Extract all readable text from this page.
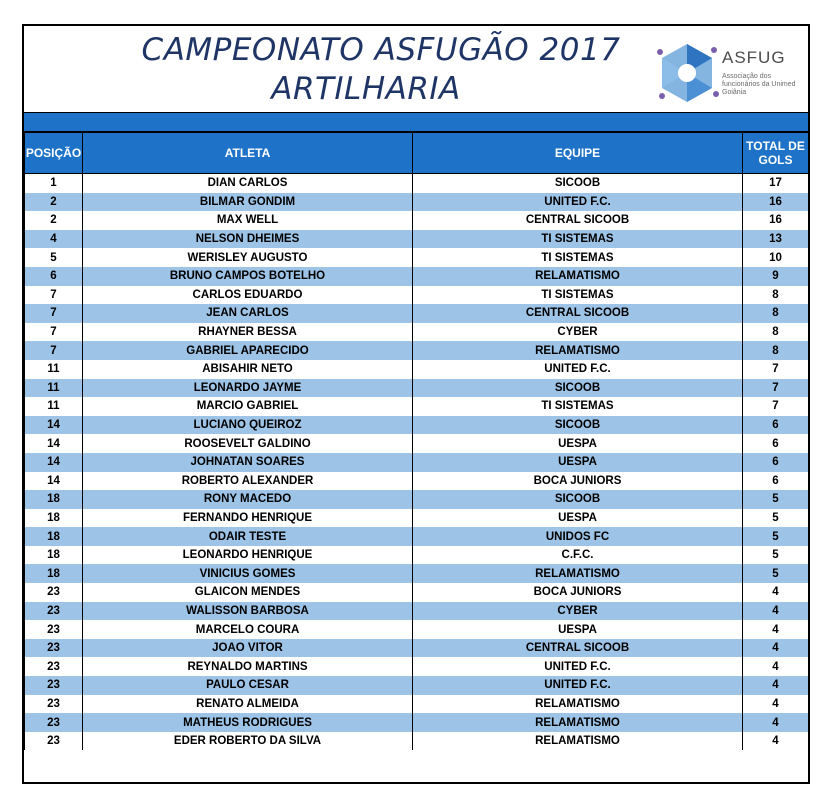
CAMPEONATO ASFUGÃO 2017
ARTILHARIA
ASFUG
Associação dos funcionários da Unimed Goiânia
POSIÇÃO	ATLETA	EQUIPE	TOTAL DE GOLS
1	DIAN CARLOS	SICOOB	17
2	BILMAR GONDIM	UNITED F.C.	16
2	MAX WELL	CENTRAL SICOOB	16
4	NELSON DHEIMES	TI SISTEMAS	13
5	WERISLEY AUGUSTO	TI SISTEMAS	10
6	BRUNO CAMPOS BOTELHO	RELAMATISMO	9
7	CARLOS EDUARDO	TI SISTEMAS	8
7	JEAN CARLOS	CENTRAL SICOOB	8
7	RHAYNER BESSA	CYBER	8
7	GABRIEL APARECIDO	RELAMATISMO	8
11	ABISAHIR NETO	UNITED F.C.	7
11	LEONARDO JAYME	SICOOB	7
11	MARCIO GABRIEL	TI SISTEMAS	7
14	LUCIANO QUEIROZ	SICOOB	6
14	ROOSEVELT GALDINO	UESPA	6
14	JOHNATAN SOARES	UESPA	6
14	ROBERTO ALEXANDER	BOCA JUNIORS	6
18	RONY MACEDO	SICOOB	5
18	FERNANDO HENRIQUE	UESPA	5
18	ODAIR TESTE	UNIDOS FC	5
18	LEONARDO HENRIQUE	C.F.C.	5
18	VINICIUS GOMES	RELAMATISMO	5
23	GLAICON MENDES	BOCA JUNIORS	4
23	WALISSON BARBOSA	CYBER	4
23	MARCELO COURA	UESPA	4
23	JOAO VITOR	CENTRAL SICOOB	4
23	REYNALDO MARTINS	UNITED F.C.	4
23	PAULO CESAR	UNITED F.C.	4
23	RENATO ALMEIDA	RELAMATISMO	4
23	MATHEUS RODRIGUES	RELAMATISMO	4
23	EDER ROBERTO DA SILVA	RELAMATISMO	4
